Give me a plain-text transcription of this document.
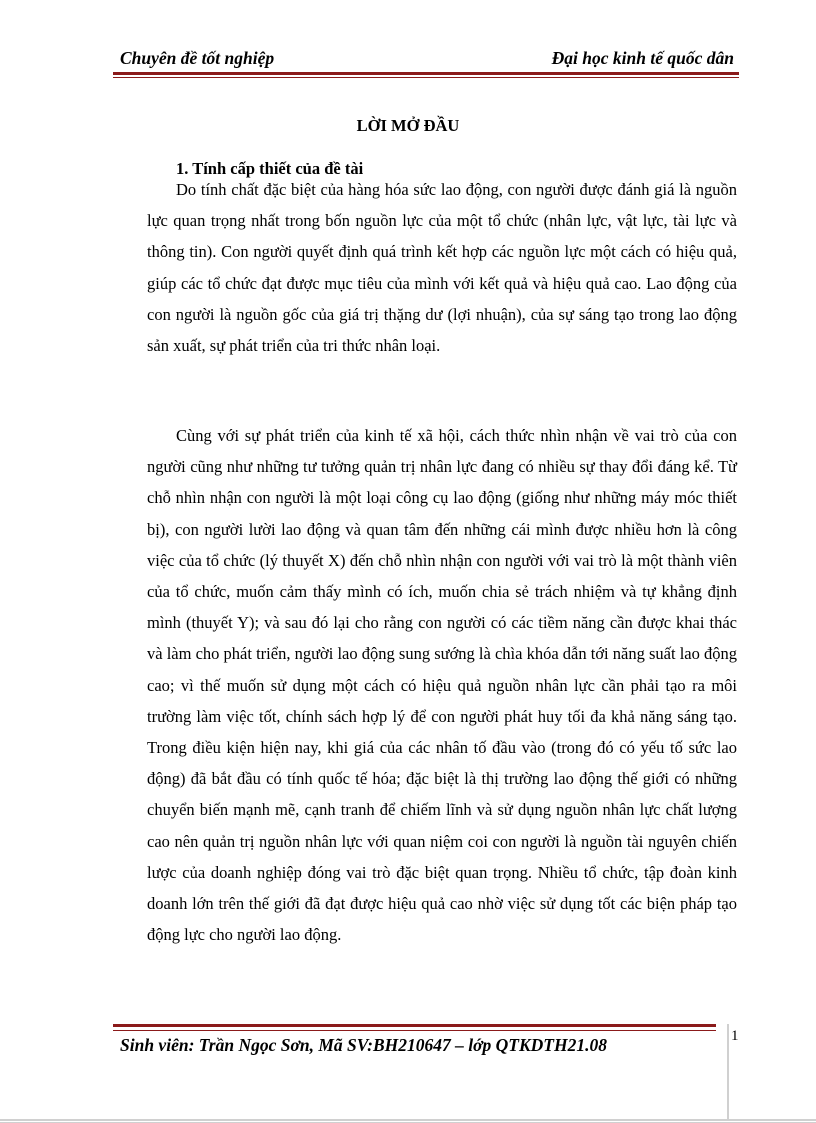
Chuyên đề tốt nghiệp	Đại học kinh tế quốc dân
LỜI MỞ ĐẦU
1. Tính cấp thiết của đề tài

Do tính chất đặc biệt của hàng hóa sức lao động, con người được đánh giá là nguồn lực quan trọng nhất trong bốn nguồn lực của một tổ chức (nhân lực, vật lực, tài lực và thông tin). Con người quyết định quá trình kết hợp các nguồn lực một cách có hiệu quả, giúp các tổ chức đạt được mục tiêu của mình với kết quả và hiệu quả cao. Lao động của con người là nguồn gốc của giá trị thặng dư (lợi nhuận), của sự sáng tạo trong lao động sản xuất, sự phát triển của tri thức nhân loại.

Cùng với sự phát triển của kinh tế xã hội, cách thức nhìn nhận về vai trò của con người cũng như những tư tưởng quản trị nhân lực đang có nhiều sự thay đổi đáng kể. Từ chỗ nhìn nhận con người là một loại công cụ lao động (giống như những máy móc thiết bị), con người lười lao động và quan tâm đến những cái mình được nhiều hơn là công việc của tổ chức (lý thuyết X) đến chỗ nhìn nhận con người với vai trò là một thành viên của tổ chức, muốn cảm thấy mình có ích, muốn chia sẻ trách nhiệm và tự khẳng định mình (thuyết Y); và sau đó lại cho rằng con người có các tiềm năng cần được khai thác và làm cho phát triển, người lao động sung sướng là chìa khóa dẫn tới năng suất lao động cao; vì thế muốn sử dụng một cách có hiệu quả nguồn nhân lực cần phải tạo ra môi trường làm việc tốt, chính sách hợp lý để con người phát huy tối đa khả năng sáng tạo. Trong điều kiện hiện nay, khi giá của các nhân tố đầu vào (trong đó có yếu tố sức lao động) đã bắt đầu có tính quốc tế hóa; đặc biệt là thị trường lao động thế giới có những chuyển biến mạnh mẽ, cạnh tranh để chiếm lĩnh và sử dụng nguồn nhân lực chất lượng cao nên quản trị nguồn nhân lực với quan niệm coi con người là nguồn tài nguyên chiến lược của doanh nghiệp đóng vai trò đặc biệt quan trọng. Nhiều tổ chức, tập đoàn kinh doanh lớn trên thế giới đã đạt được hiệu quả cao nhờ việc sử dụng tốt các biện pháp tạo động lực cho người lao động.

Sinh viên: Trần Ngọc Sơn, Mã SV:BH210647 – lớp QTKDTH21.08	1
